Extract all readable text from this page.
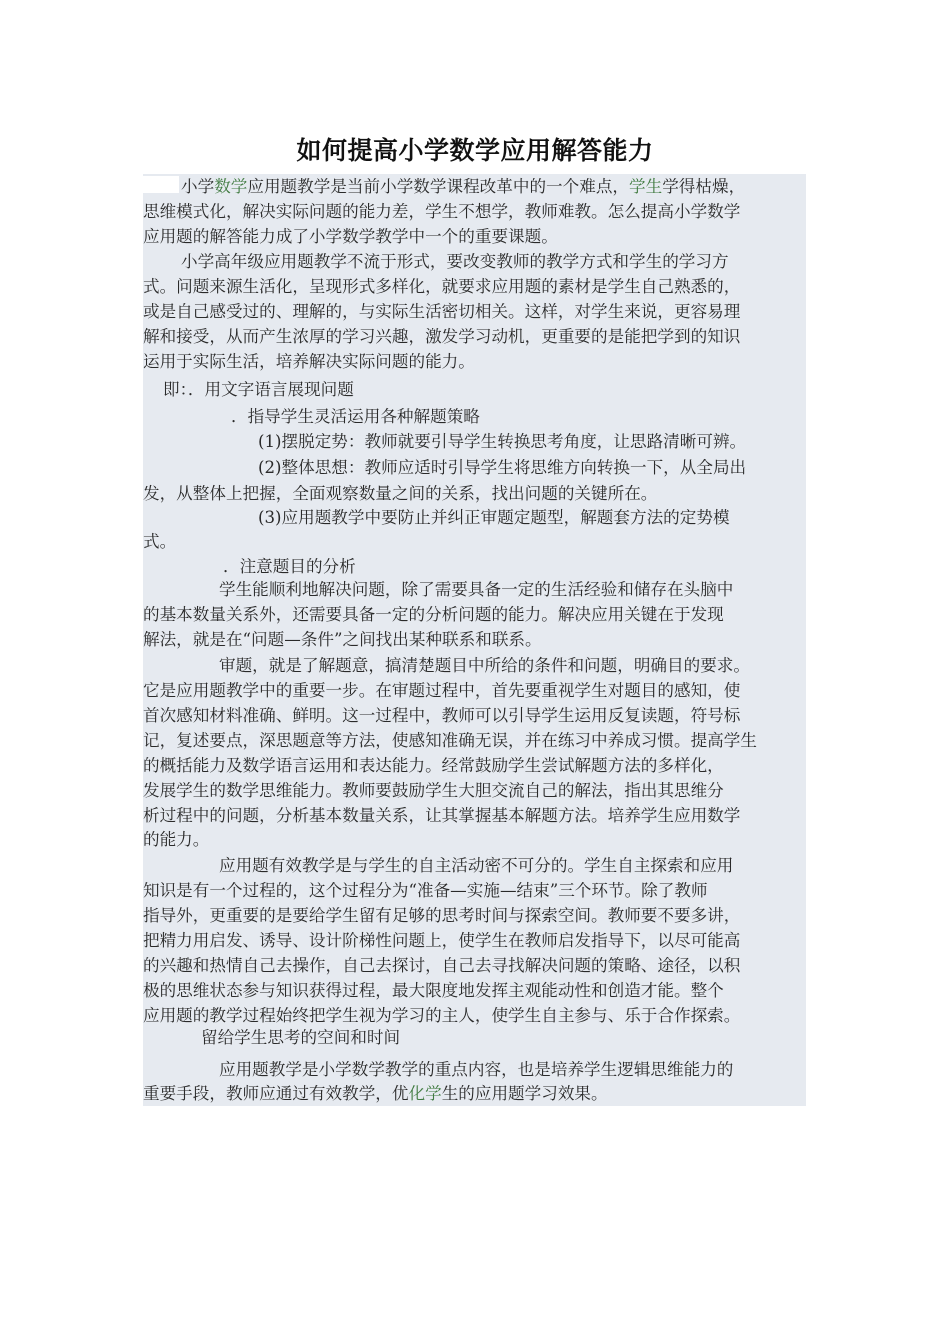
如何提高小学数学应用解答能力
小学数学应用题教学是当前小学数学课程改革中的一个难点，学生学得枯燥，
思维模式化，解决实际问题的能力差，学生不想学，教师难教。怎么提高小学数学
应用题的解答能力成了小学数学教学中一个的重要课题。
小学高年级应用题教学不流于形式，要改变教师的教学方式和学生的学习方
式。问题来源生活化，呈现形式多样化，就要求应用题的素材是学生自己熟悉的，
或是自己感受过的、理解的，与实际生活密切相关。这样，对学生来说，更容易理
解和接受，从而产生浓厚的学习兴趣，激发学习动机，更重要的是能把学到的知识
运用于实际生活，培养解决实际问题的能力。
即：．用文字语言展现问题
．指导学生灵活运用各种解题策略
(1)摆脱定势：教师就要引导学生转换思考角度，让思路清晰可辨。
(2)整体思想：教师应适时引导学生将思维方向转换一下，从全局出
发，从整体上把握，全面观察数量之间的关系，找出问题的关键所在。
(3)应用题教学中要防止并纠正审题定题型，解题套方法的定势模
式。
．注意题目的分析
学生能顺利地解决问题，除了需要具备一定的生活经验和储存在头脑中
的基本数量关系外，还需要具备一定的分析问题的能力。解决应用关键在于发现
解法，就是在“问题—条件”之间找出某种联系和联系。
审题，就是了解题意，搞清楚题目中所给的条件和问题，明确目的要求。
它是应用题教学中的重要一步。在审题过程中，首先要重视学生对题目的感知，使
首次感知材料准确、鲜明。这一过程中，教师可以引导学生运用反复读题，符号标
记，复述要点，深思题意等方法，使感知准确无误，并在练习中养成习惯。提高学生
的概括能力及数学语言运用和表达能力。经常鼓励学生尝试解题方法的多样化，
发展学生的数学思维能力。教师要鼓励学生大胆交流自己的解法，指出其思维分
析过程中的问题，分析基本数量关系，让其掌握基本解题方法。培养学生应用数学
的能力。
应用题有效教学是与学生的自主活动密不可分的。学生自主探索和应用
知识是有一个过程的，这个过程分为“准备—实施—结束”三个环节。除了教师
指导外，更重要的是要给学生留有足够的思考时间与探索空间。教师要不要多讲，
把精力用启发、诱导、设计阶梯性问题上，使学生在教师启发指导下，以尽可能高
的兴趣和热情自己去操作，自己去探讨，自己去寻找解决问题的策略、途径，以积
极的思维状态参与知识获得过程，最大限度地发挥主观能动性和创造才能。整个
应用题的教学过程始终把学生视为学习的主人，使学生自主参与、乐于合作探索。
留给学生思考的空间和时间
应用题教学是小学数学教学的重点内容，也是培养学生逻辑思维能力的
重要手段，教师应通过有效教学，优化学生的应用题学习效果。
